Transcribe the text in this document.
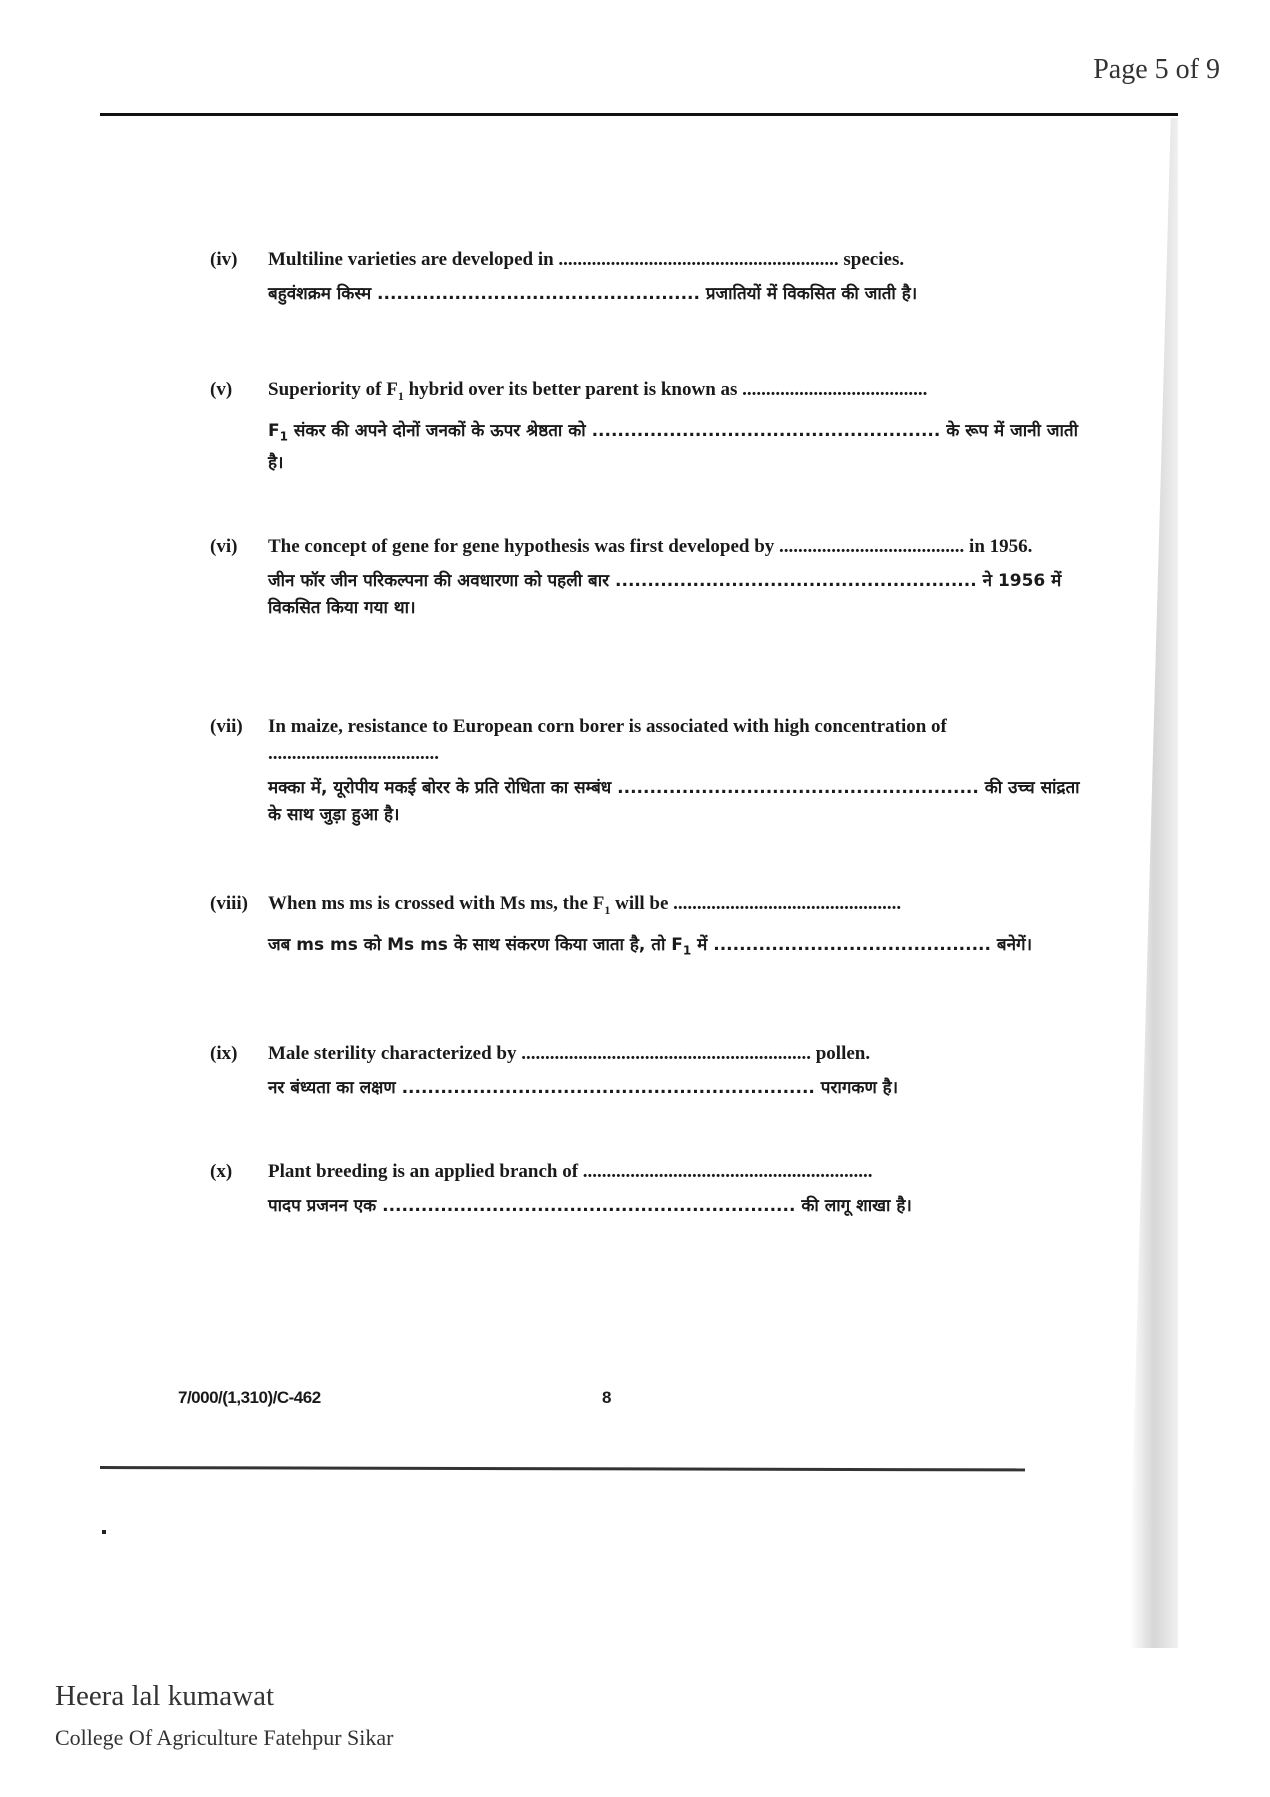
Page 5 of 9
(iv) Multiline varieties are developed in ........................................................... species.
बहुवंशक्रम किस्म .................................................. प्रजातियों में विकसित की जाती है।
(v) Superiority of $F_1$ hybrid over its better parent is known as .......................................
$F_1$ संकर की अपने दोनों जनकों के ऊपर श्रेष्ठता को ...................................................... के रूप में जानी जाती है।
(vi) The concept of gene for gene hypothesis was first developed by ....................................... in 1956.
जीन फॉर जीन परिकल्पना की अवधारणा को पहली बार ........................................................ ने 1956 में विकसित किया गया था।
(vii) In maize, resistance to European corn borer is associated with high concentration of ....................................
मक्का में, यूरोपीय मकई बोरर के प्रति रोधिता का सम्बंध ........................................................ की उच्च सांद्रता के साथ जुड़ा हुआ है।
(viii) When ms ms is crossed with Ms ms, the $F_1$ will be ................................................
जब ms ms को Ms ms के साथ संकरण किया जाता है, तो $F_1$ में ........................................... बनेगें।
(ix) Male sterility characterized by ............................................................. pollen.
नर बंध्यता का लक्षण ................................................................ परागकण है।
(x) Plant breeding is an applied branch of .............................................................
पादप प्रजनन एक ................................................................ की लागू शाखा है।
7/000/(1,310)/C-462	8
Heera lal kumawat
College Of Agriculture Fatehpur Sikar
